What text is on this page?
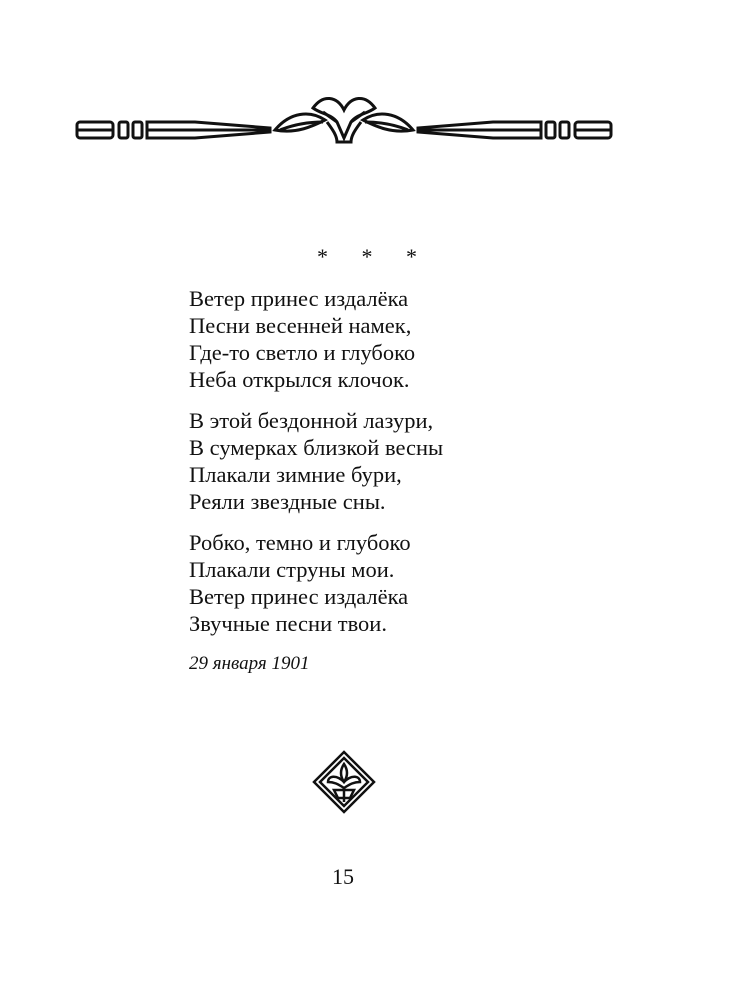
* * *
Ветер принес издалёка
Песни весенней намек,
Где-то светло и глубоко
Неба открылся клочок.
В этой бездонной лазури,
В сумерках близкой весны
Плакали зимние бури,
Реяли звездные сны.
Робко, темно и глубоко
Плакали струны мои.
Ветер принес издалёка
Звучные песни твои.
29 января 1901
15
